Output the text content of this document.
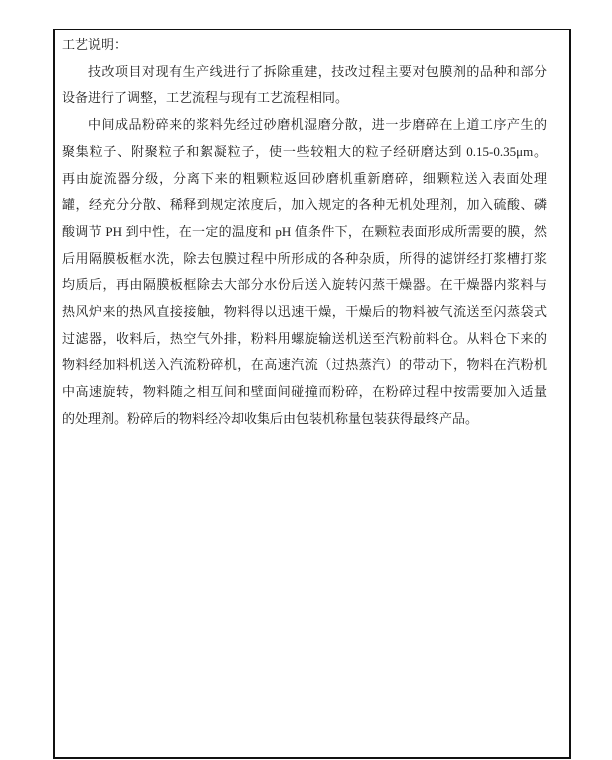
工艺说明：
技改项目对现有生产线进行了拆除重建，技改过程主要对包膜剂的品种和部分
设备进行了调整，工艺流程与现有工艺流程相同。
中间成品粉碎来的浆料先经过砂磨机湿磨分散，进一步磨碎在上道工序产生的
聚集粒子、附聚粒子和絮凝粒子，使一些较粗大的粒子经研磨达到 0.15-0.35μm。
再由旋流器分级，分离下来的粗颗粒返回砂磨机重新磨碎，细颗粒送入表面处理
罐，经充分分散、稀释到规定浓度后，加入规定的各种无机处理剂，加入硫酸、磷
酸调节 PH 到中性，在一定的温度和 pH 值条件下，在颗粒表面形成所需要的膜，然
后用隔膜板框水洗，除去包膜过程中所形成的各种杂质，所得的滤饼经打浆槽打浆
均质后，再由隔膜板框除去大部分水份后送入旋转闪蒸干燥器。在干燥器内浆料与
热风炉来的热风直接接触，物料得以迅速干燥，干燥后的物料被气流送至闪蒸袋式
过滤器，收料后，热空气外排，粉料用螺旋输送机送至汽粉前料仓。从料仓下来的
物料经加料机送入汽流粉碎机，在高速汽流（过热蒸汽）的带动下，物料在汽粉机
中高速旋转，物料随之相互间和壁面间碰撞而粉碎，在粉碎过程中按需要加入适量
的处理剂。粉碎后的物料经冷却收集后由包装机称量包装获得最终产品。
